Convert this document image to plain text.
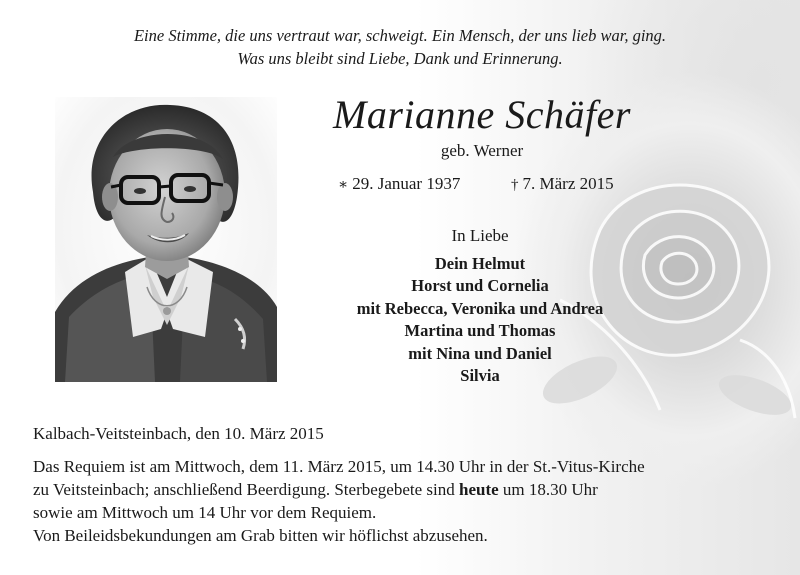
Eine Stimme, die uns vertraut war, schweigt. Ein Mensch, der uns lieb war, ging.
Was uns bleibt sind Liebe, Dank und Erinnerung.
Marianne Schäfer
geb. Werner
∗ 29. Januar 1937	† 7. März 2015
In Liebe
Dein Helmut
Horst und Cornelia
mit Rebecca, Veronika und Andrea
Martina und Thomas
mit Nina und Daniel
Silvia
Kalbach-Veitsteinbach, den 10. März 2015
Das Requiem ist am Mittwoch, dem 11. März 2015, um 14.30 Uhr in der St.-Vitus-Kirche
zu Veitsteinbach; anschließend Beerdigung. Sterbegebete sind heute um 18.30 Uhr
sowie am Mittwoch um 14 Uhr vor dem Requiem.
Von Beileidsbekundungen am Grab bitten wir höflichst abzusehen.
